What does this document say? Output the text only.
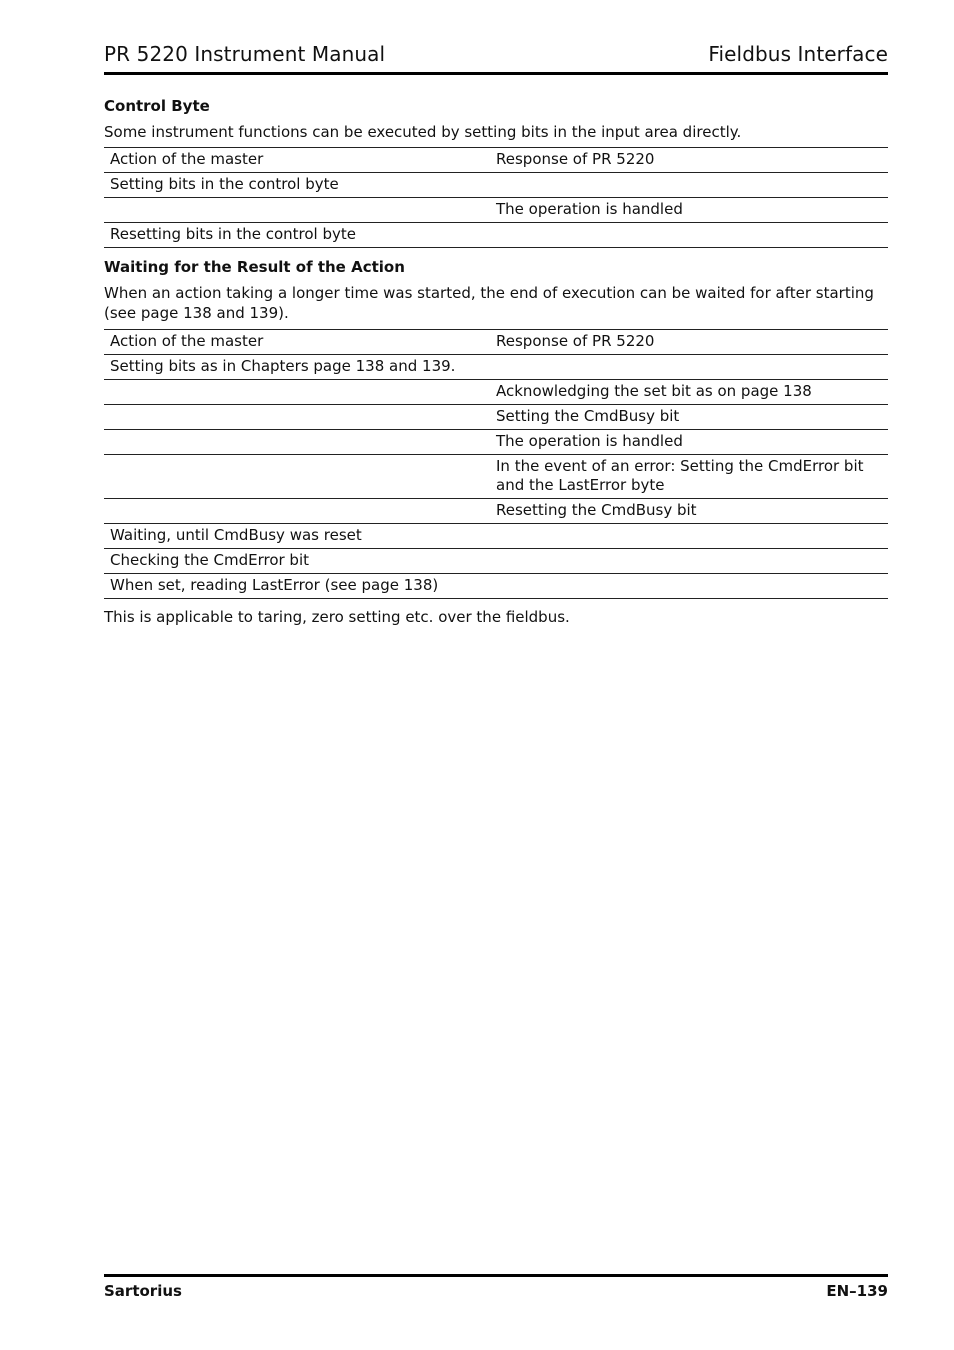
PR 5220 Instrument Manual	Fieldbus Interface
Control Byte

Some instrument functions can be executed by setting bits in the input area directly.

Action of the master	Response of PR 5220
Setting bits in the control byte	
	The operation is handled
Resetting bits in the control byte	
Waiting for the Result of the Action

When an action taking a longer time was started, the end of execution can be waited for after starting (see page 138 and 139).

Action of the master	Response of PR 5220
Setting bits as in Chapters page 138 and 139.	
	Acknowledging the set bit as on page 138
	Setting the CmdBusy bit
	The operation is handled
	In the event of an error: Setting the CmdError bit and the LastError byte
	Resetting the CmdBusy bit
Waiting, until CmdBusy was reset	
Checking the CmdError bit	
When set, reading LastError (see page 138)	

This is applicable to taring, zero setting etc. over the fieldbus.

Sartorius	EN–139
